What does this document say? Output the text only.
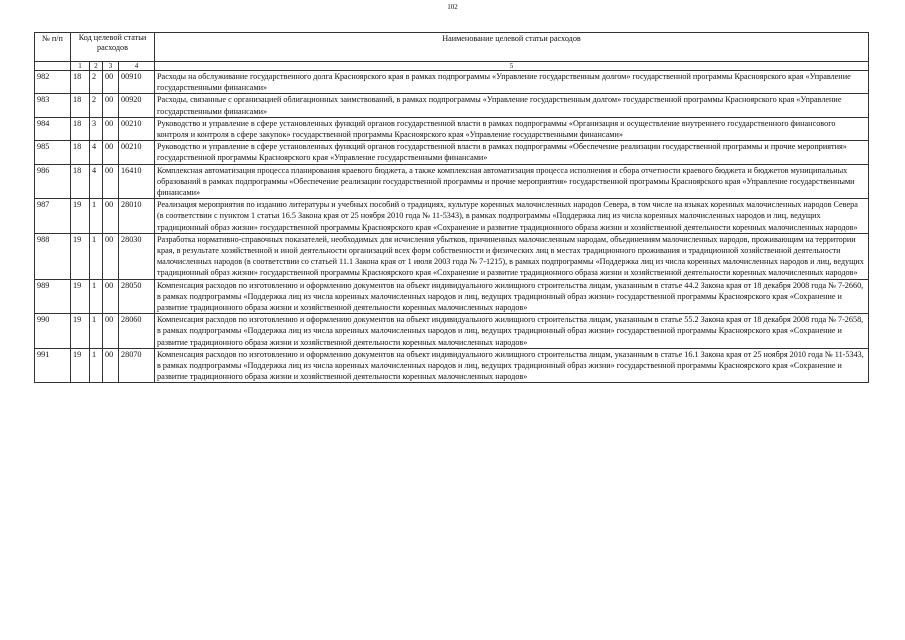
102
№ п/п	Код целевой статьи расходов				Наименование целевой статьи расходов
	1	2	3	4	5
982	18	2	00	00910	Расходы на обслуживание государственного долга Красноярского края в рамках подпрограммы «Управление государственным долгом» государственной программы Красноярского края «Управление государственными финансами»
983	18	2	00	00920	Расходы, связанные с организацией облигационных заимствований, в рамках подпрограммы «Управление государственным долгом» государственной программы Красноярского края «Управление государственными финансами»
984	18	3	00	00210	Руководство и управление в сфере установленных функций органов государственной власти в рамках подпрограммы «Организация и осуществление внутреннего государственного финансового контроля и контроля в сфере закупок» государственной программы Красноярского края «Управление государственными финансами»
985	18	4	00	00210	Руководство и управление в сфере установленных функций органов государственной власти в рамках подпрограммы «Обеспечение реализации государственной программы и прочие мероприятия» государственной программы Красноярского края «Управление государственными финансами»
986	18	4	00	16410	Комплексная автоматизация процесса планирования краевого бюджета, а также комплексная автоматизация процесса исполнения и сбора отчетности краевого бюджета и бюджетов муниципальных образований в рамках подпрограммы «Обеспечение реализации государственной программы и прочие мероприятия» государственной программы Красноярского края «Управление государственными финансами»
987	19	1	00	28010	Реализация мероприятия по изданию литературы и учебных пособий о традициях, культуре коренных малочисленных народов Севера, в том числе на языках коренных малочисленных народов Севера (в соответствии с пунктом 1 статьи 16.5 Закона края от 25 ноября 2010 года № 11-5343), в рамках подпрограммы «Поддержка лиц из числа коренных малочисленных народов и лиц, ведущих традиционный образ жизни» государственной программы Красноярского края «Сохранение и развитие традиционного образа жизни и хозяйственной деятельности коренных малочисленных народов»
988	19	1	00	28030	Разработка нормативно-справочных показателей, необходимых для исчисления убытков, причиненных малочисленным народам, объединениям малочисленных народов, проживающим на территории края, в результате хозяйственной и иной деятельности организаций всех форм собственности и физических лиц в местах традиционного проживания и традиционной хозяйственной деятельности малочисленных народов (в соответствии со статьей 11.1 Закона края от 1 июля 2003 года № 7-1215), в рамках подпрограммы «Поддержка лиц из числа коренных малочисленных народов и лиц, ведущих традиционный образ жизни» государственной программы Красноярского края «Сохранение и развитие традиционного образа жизни и хозяйственной деятельности коренных малочисленных народов»
989	19	1	00	28050	Компенсация расходов по изготовлению и оформлению документов на объект индивидуального жилищного строительства лицам, указанным в статье 44.2 Закона края от 18 декабря 2008 года № 7-2660, в рамках подпрограммы «Поддержка лиц из числа коренных малочисленных народов и лиц, ведущих традиционный образ жизни» государственной программы Красноярского края «Сохранение и развитие традиционного образа жизни и хозяйственной деятельности коренных малочисленных народов»
990	19	1	00	28060	Компенсация расходов по изготовлению и оформлению документов на объект индивидуального жилищного строительства лицам, указанным в статье 55.2 Закона края от 18 декабря 2008 года № 7-2658, в рамках подпрограммы «Поддержка лиц из числа коренных малочисленных народов и лиц, ведущих традиционный образ жизни» государственной программы Красноярского края «Сохранение и развитие традиционного образа жизни и хозяйственной деятельности коренных малочисленных народов»
991	19	1	00	28070	Компенсация расходов по изготовлению и оформлению документов на объект индивидуального жилищного строительства лицам, указанным в статье 16.1 Закона края от 25 ноября 2010 года № 11-5343, в рамках подпрограммы «Поддержка лиц из числа коренных малочисленных народов и лиц, ведущих традиционный образ жизни» государственной программы Красноярского края «Сохранение и развитие традиционного образа жизни и хозяйственной деятельности коренных малочисленных народов»
